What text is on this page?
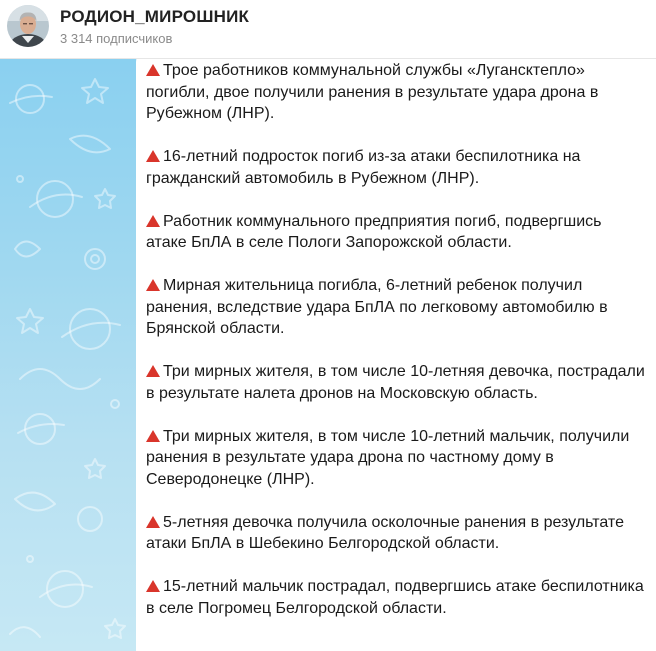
РОДИОН_МИРОШНИК
3 314 подписчиков
Трое работников коммунальной службы «Лугансктепло» погибли, двое получили ранения в результате удара дрона в Рубежном (ЛНР).
16-летний подросток погиб из-за атаки беспилотника на гражданский автомобиль в Рубежном (ЛНР).
Работник коммунального предприятия погиб, подвергшись атаке БпЛА в селе Пологи Запорожской области.
Мирная жительница погибла, 6-летний ребенок получил ранения, вследствие удара БпЛА по легковому автомобилю в Брянской области.
Три мирных жителя, в том числе 10-летняя девочка, пострадали в результате налета дронов на Московскую область.
Три мирных жителя, в том числе 10-летний мальчик, получили ранения в результате удара дрона по частному дому в Северодонецке (ЛНР).
5-летняя девочка получила осколочные ранения в результате атаки БпЛА в Шебекино Белгородской области.
15-летний мальчик пострадал, подвергшись атаке беспилотника в селе Погромец Белгородской области.
